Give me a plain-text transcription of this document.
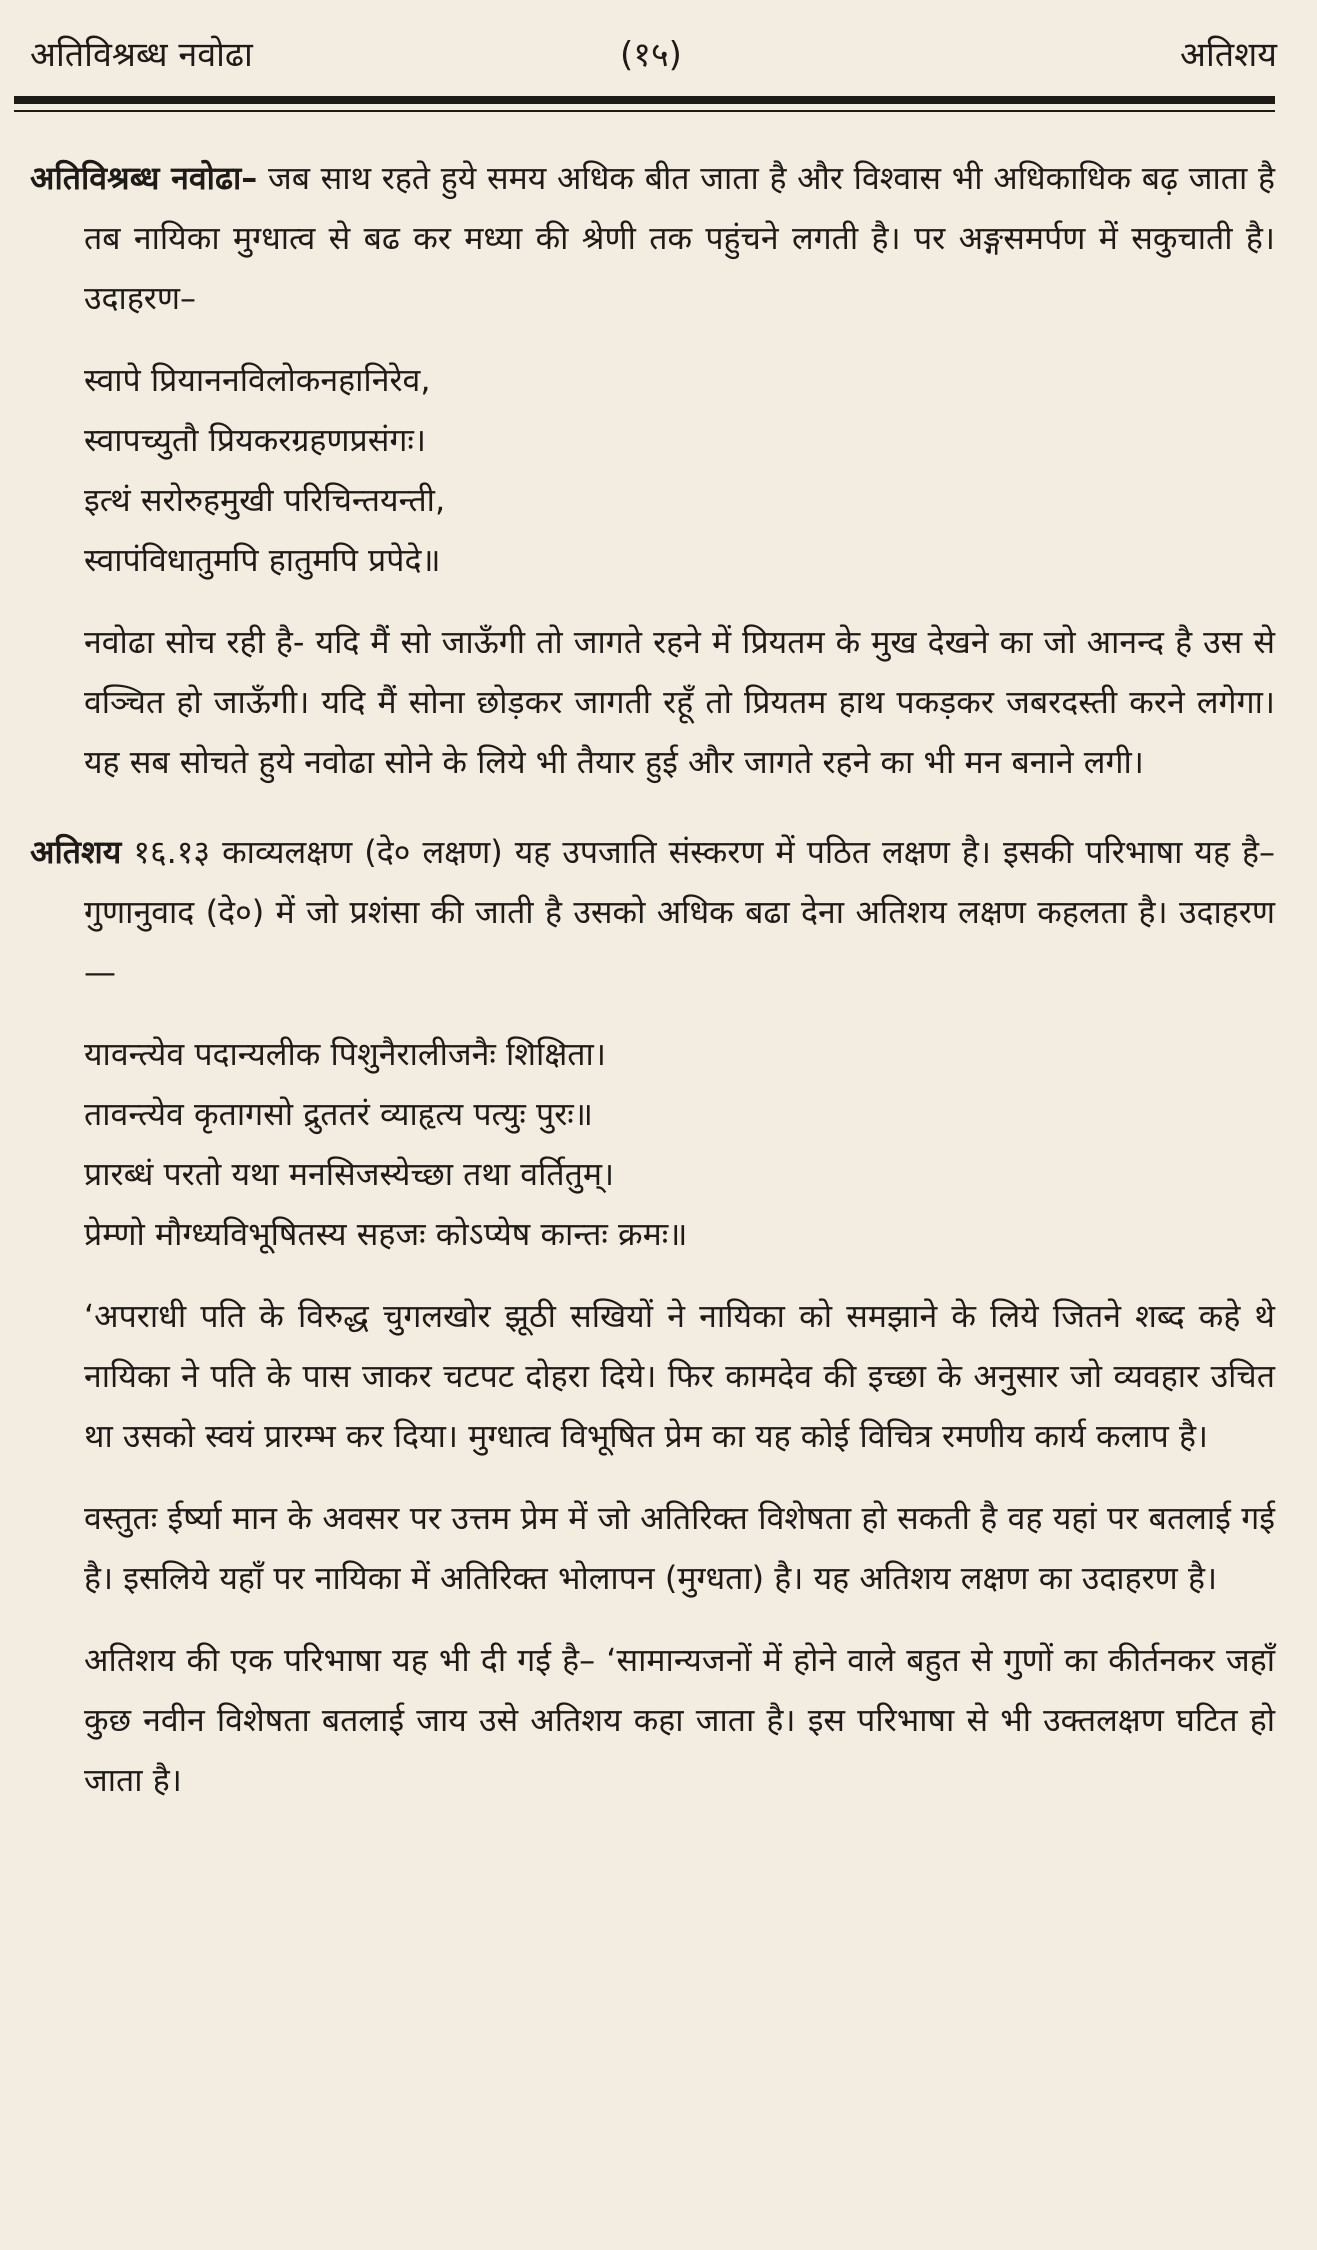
अतिविश्रब्ध नवोढा	(१५)	अतिशय

अतिविश्रब्ध नवोढा– जब साथ रहते हुये समय अधिक बीत जाता है और विश्वास भी अधिकाधिक बढ़ जाता है तब नायिका मुग्धात्व से बढ कर मध्या की श्रेणी तक पहुंचने लगती है। पर अङ्गसमर्पण में सकुचाती है। उदाहरण–

स्वापे प्रियाननविलोकनहानिरेव,
स्वापच्युतौ प्रियकरग्रहणप्रसंगः।
इत्थं सरोरुहमुखी परिचिन्तयन्ती,
स्वापंविधातुमपि हातुमपि प्रपेदे॥

नवोढा सोच रही है- यदि मैं सो जाऊँगी तो जागते रहने में प्रियतम के मुख देखने का जो आनन्द है उस से वञ्चित हो जाऊँगी। यदि मैं सोना छोड़कर जागती रहूँ तो प्रियतम हाथ पकड़कर जबरदस्ती करने लगेगा। यह सब सोचते हुये नवोढा सोने के लिये भी तैयार हुई और जागते रहने का भी मन बनाने लगी।

अतिशय १६.१३ काव्यलक्षण (दे० लक्षण) यह उपजाति संस्करण में पठित लक्षण है। इसकी परिभाषा यह है– गुणानुवाद (दे०) में जो प्रशंसा की जाती है उसको अधिक बढा देना अतिशय लक्षण कहलता है। उदाहरण—

यावन्त्येव पदान्यलीक पिशुनैरालीजनैः शिक्षिता।
तावन्त्येव कृतागसो द्रुततरं व्याहृत्य पत्युः पुरः॥
प्रारब्धं परतो यथा मनसिजस्येच्छा तथा वर्तितुम्।
प्रेम्णो मौग्ध्यविभूषितस्य सहजः कोऽप्येष कान्तः क्रमः॥

‘अपराधी पति के विरुद्ध चुगलखोर झूठी सखियों ने नायिका को समझाने के लिये जितने शब्द कहे थे नायिका ने पति के पास जाकर चटपट दोहरा दिये। फिर कामदेव की इच्छा के अनुसार जो व्यवहार उचित था उसको स्वयं प्रारम्भ कर दिया। मुग्धात्व विभूषित प्रेम का यह कोई विचित्र रमणीय कार्य कलाप है।

वस्तुतः ईर्ष्या मान के अवसर पर उत्तम प्रेम में जो अतिरिक्त विशेषता हो सकती है वह यहां पर बतलाई गई है। इसलिये यहाँ पर नायिका में अतिरिक्त भोलापन (मुग्धता) है। यह अतिशय लक्षण का उदाहरण है।

अतिशय की एक परिभाषा यह भी दी गई है– ‘सामान्यजनों में होने वाले बहुत से गुणों का कीर्तनकर जहाँ कुछ नवीन विशेषता बतलाई जाय उसे अतिशय कहा जाता है। इस परिभाषा से भी उक्तलक्षण घटित हो जाता है।
